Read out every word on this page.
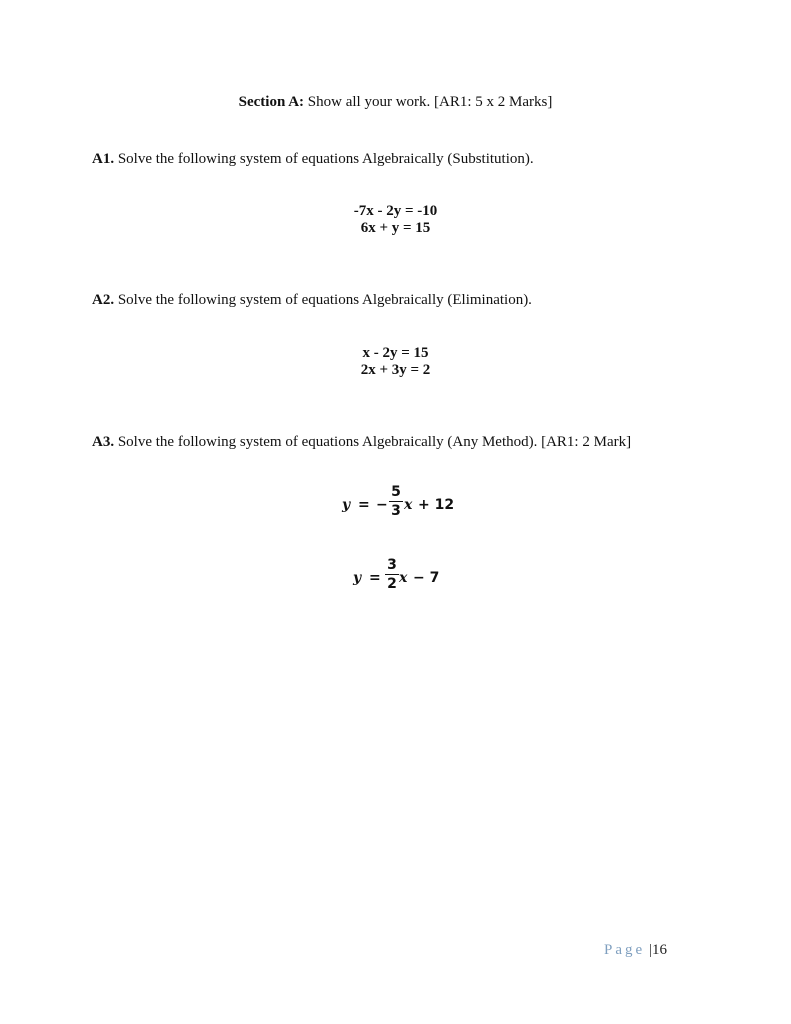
Section A: Show all your work. [AR1: 5 x 2 Marks]
A1. Solve the following system of equations Algebraically (Substitution).
-7x - 2y = -10
6x + y = 15
A2. Solve the following system of equations Algebraically (Elimination).
x - 2y = 15
2x + 3y = 2
A3. Solve the following system of equations Algebraically (Any Method). [AR1: 2 Mark]
y = −
5
3 x + 12
y =
3
2 x − 7
Page |16
